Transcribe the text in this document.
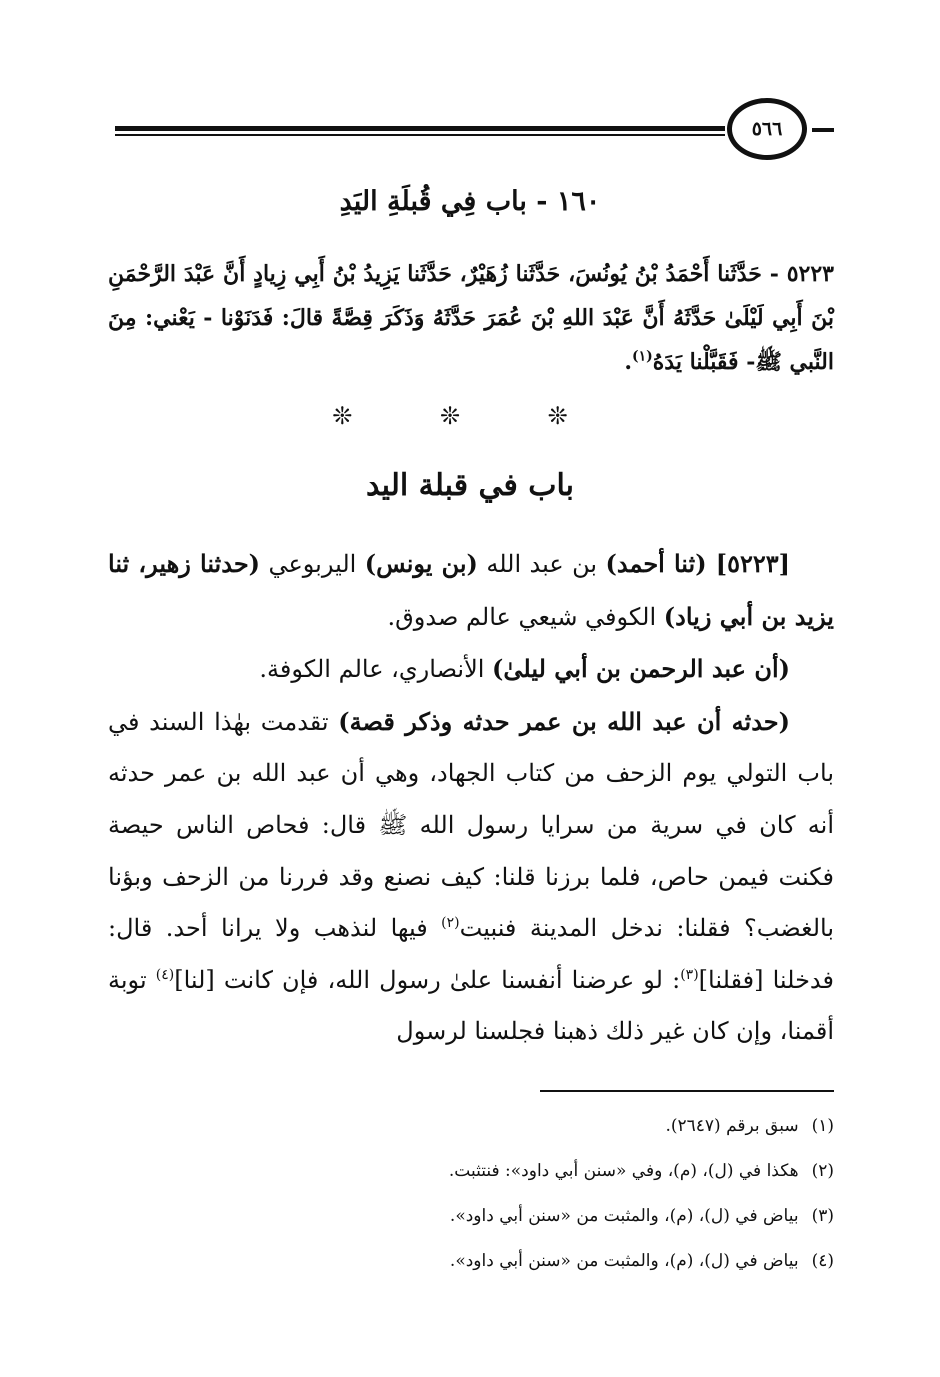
٥٦٦
١٦٠ - باب فِي قُبلَةِ اليَدِ
٥٢٢٣ - حَدَّثَنا أَحْمَدُ بْنُ يُونُسَ، حَدَّثَنا زُهَيْرٌ، حَدَّثَنا يَزِيدُ بْنُ أَبِي زِيادٍ أَنَّ عَبْدَ الرَّحْمَنِ بْنَ أَبِي لَيْلَىٰ حَدَّثَهُ أَنَّ عَبْدَ اللهِ بْنَ عُمَرَ حَدَّثَهُ وَذَكَرَ قِصَّةً قالَ: فَدَنَوْنا - يَعْني: مِنَ النَّبي ﷺ- فَقَبَّلْنا يَدَهُ$^{(١)}$.
❊ ❊ ❊
باب في قبلة اليد

[٥٢٢٣] (ثنا أحمد) بن عبد الله (بن يونس) اليربوعي (حدثنا زهير، ثنا يزيد بن أبي زياد) الكوفي شيعي عالم صدوق.

(أن عبد الرحمن بن أبي ليلىٰ) الأنصاري، عالم الكوفة.

(حدثه أن عبد الله بن عمر حدثه وذكر قصة) تقدمت بهٰذا السند في باب التولي يوم الزحف من كتاب الجهاد، وهي أن عبد الله بن عمر حدثه أنه كان في سرية من سرايا رسول الله ﷺ قال: فحاص الناس حيصة فكنت فيمن حاص، فلما برزنا قلنا: كيف نصنع وقد فررنا من الزحف وبؤنا بالغضب؟ فقلنا: ندخل المدينة فنبيت$^{(٢)}$ فيها لنذهب ولا يرانا أحد. قال: فدخلنا [فقلنا]$^{(٣)}$: لو عرضنا أنفسنا علىٰ رسول الله، فإن كانت [لنا]$^{(٤)}$ توبة أقمنا، وإن كان غير ذلك ذهبنا فجلسنا لرسول

(١) سبق برقم (٢٦٤٧).
(٢) هكذا في (ل)، (م)، وفي «سنن أبي داود»: فنتثبت.
(٣) بياض في (ل)، (م)، والمثبت من «سنن أبي داود».
(٤) بياض في (ل)، (م)، والمثبت من «سنن أبي داود».
